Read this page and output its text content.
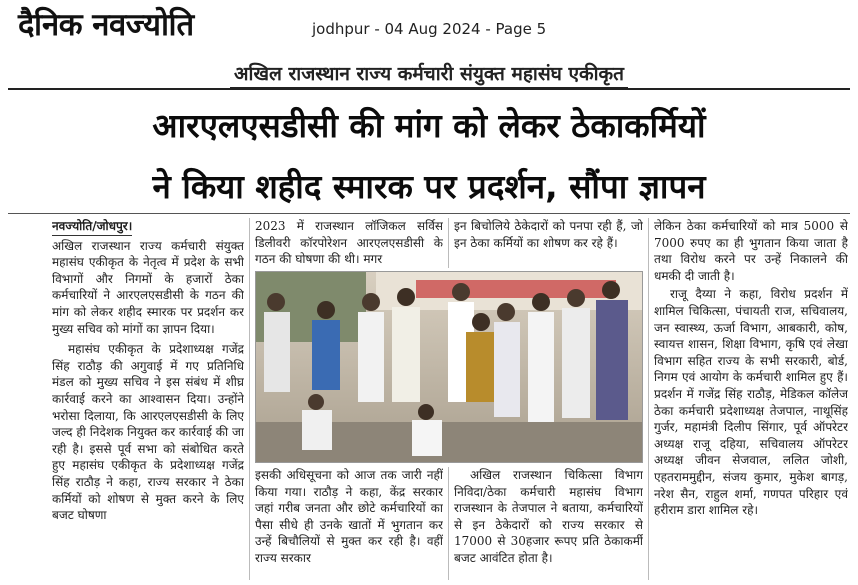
दैनिक नवज्योति	jodhpur - 04 Aug 2024 - Page 5
अखिल राजस्थान राज्य कर्मचारी संयुक्त महासंघ एकीकृत
आरएलएसडीसी की मांग को लेकर ठेकाकर्मियों
ने किया शहीद स्मारक पर प्रदर्शन, सौंपा ज्ञापन
नवज्योति/जोधपुर।

अखिल राजस्थान राज्य कर्मचारी संयुक्त महासंघ एकीकृत के नेतृत्व में प्रदेश के सभी विभागों और निगमों के हजारों ठेका कर्मचारियों ने आरएलएसडीसी के गठन की मांग को लेकर शहीद स्मारक पर प्रदर्शन कर मुख्य सचिव को मांगों का ज्ञापन दिया।

महासंघ एकीकृत के प्रदेशाध्यक्ष गजेंद्र सिंह राठौड़ की अगुवाई में गए प्रतिनिधि मंडल को मुख्य सचिव ने इस संबंध में शीघ्र कार्रवाई करने का आश्वासन दिया। उन्होंने भरोसा दिलाया, कि आरएलएसडीसी के लिए जल्द ही निदेशक नियुक्त कर कार्रवाई की जा रही है। इससे पूर्व सभा को संबोधित करते हुए महासंघ एकीकृत के प्रदेशाध्यक्ष गजेंद्र सिंह राठौड़ ने कहा, राज्य सरकार ने ठेका कर्मियों को शोषण से मुक्त करने के लिए बजट घोषणा

2023 में राजस्थान लॉजिकल सर्विस डिलीवरी कॉरपोरेशन आरएलएसडीसी के गठन की घोषणा की थी। मगर

इन बिचोलिये ठेकेदारों को पनपा रही हैं, जो इन ठेका कर्मियों का शोषण कर रहे हैं।

इसकी अधिसूचना को आज तक जारी नहीं किया गया। राठौड़ ने कहा, केंद्र सरकार जहां गरीब जनता और छोटे कर्मचारियों का पैसा सीधे ही उनके खातों में भुगतान कर उन्हें बिचौलियों से मुक्त कर रही है। वहीं राज्य सरकार

अखिल राजस्थान चिकित्सा विभाग निविदा/ठेका कर्मचारी महासंघ विभाग राजस्थान के तेजपाल ने बताया, कर्मचारियों से इन ठेकेदारों को राज्य सरकार से 17000 से 30हजार रूपए प्रति ठेकाकर्मी बजट आवंटित होता है।

लेकिन ठेका कर्मचारियों को मात्र 5000 से 7000 रुपए का ही भुगतान किया जाता है तथा विरोध करने पर उन्हें निकालने की धमकी दी जाती है।

राजू दैय्या ने कहा, विरोध प्रदर्शन में शामिल चिकित्सा, पंचायती राज, सचिवालय, जन स्वास्थ्य, ऊर्जा विभाग, आबकारी, कोष, स्वायत्त शासन, शिक्षा विभाग, कृषि एवं लेखा विभाग सहित राज्य के सभी सरकारी, बोर्ड, निगम एवं आयोग के कर्मचारी शामिल हुए हैं। प्रदर्शन में गजेंद्र सिंह राठौड़, मेडिकल कॉलेज ठेका कर्मचारी प्रदेशाध्यक्ष तेजपाल, नाथूसिंह गुर्जर, महामंत्री दिलीप सिंगार, पूर्व ऑपरेटर अध्यक्ष राजू दहिया, सचिवालय ऑपरेटर अध्यक्ष जीवन सेजवाल, ललित जोशी, एहतराममुद्दीन, संजय कुमार, मुकेश बागड़, नरेश सैन, राहुल शर्मा, गणपत परिहार एवं हरीराम डारा शामिल रहे।
